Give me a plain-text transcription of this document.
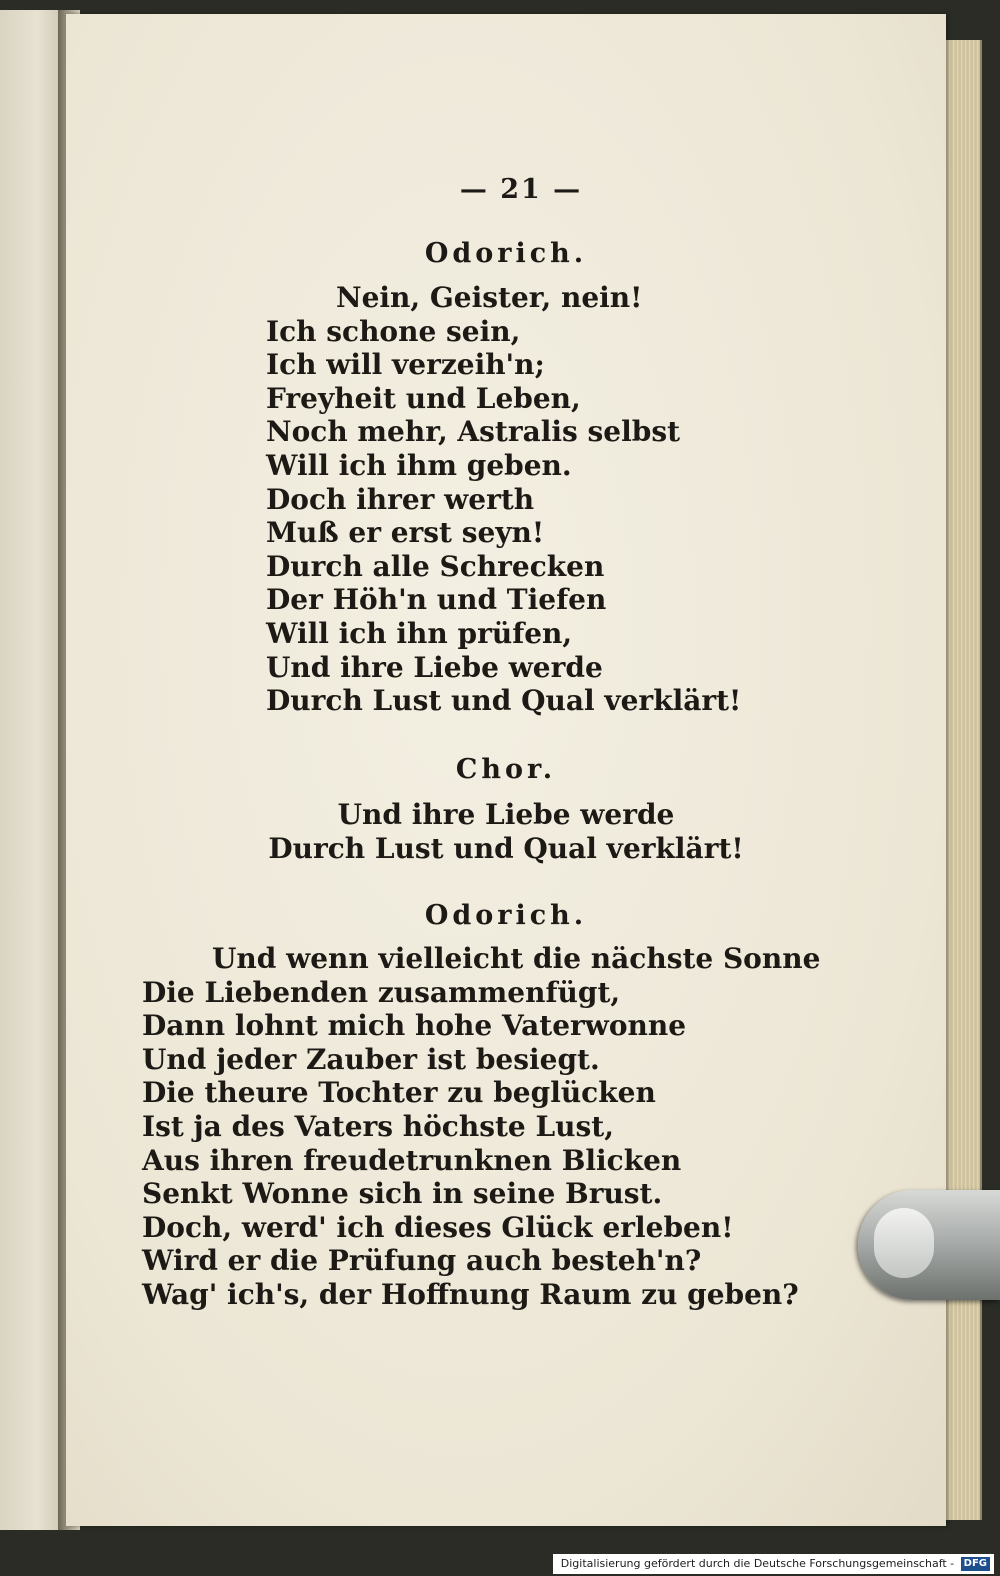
— 21 —
Odorich.
Nein, Geister, nein!
Ich schone sein,
Ich will verzeih'n;
Freyheit und Leben,
Noch mehr, Astralis selbst
Will ich ihm geben.
Doch ihrer werth
Muß er erst seyn!
Durch alle Schrecken
Der Höh'n und Tiefen
Will ich ihn prüfen,
Und ihre Liebe werde
Durch Lust und Qual verklärt!
Chor.
Und ihre Liebe werde
Durch Lust und Qual verklärt!
Odorich.
Und wenn vielleicht die nächste Sonne
Die Liebenden zusammenfügt,
Dann lohnt mich hohe Vaterwonne
Und jeder Zauber ist besiegt.
Die theure Tochter zu beglücken
Ist ja des Vaters höchste Lust,
Aus ihren freudetrunknen Blicken
Senkt Wonne sich in seine Brust.
Doch, werd' ich dieses Glück erleben!
Wird er die Prüfung auch besteh'n?
Wag' ich's, der Hoffnung Raum zu geben?
Digitalisierung gefördert durch die Deutsche Forschungsgemeinschaft - DFG
